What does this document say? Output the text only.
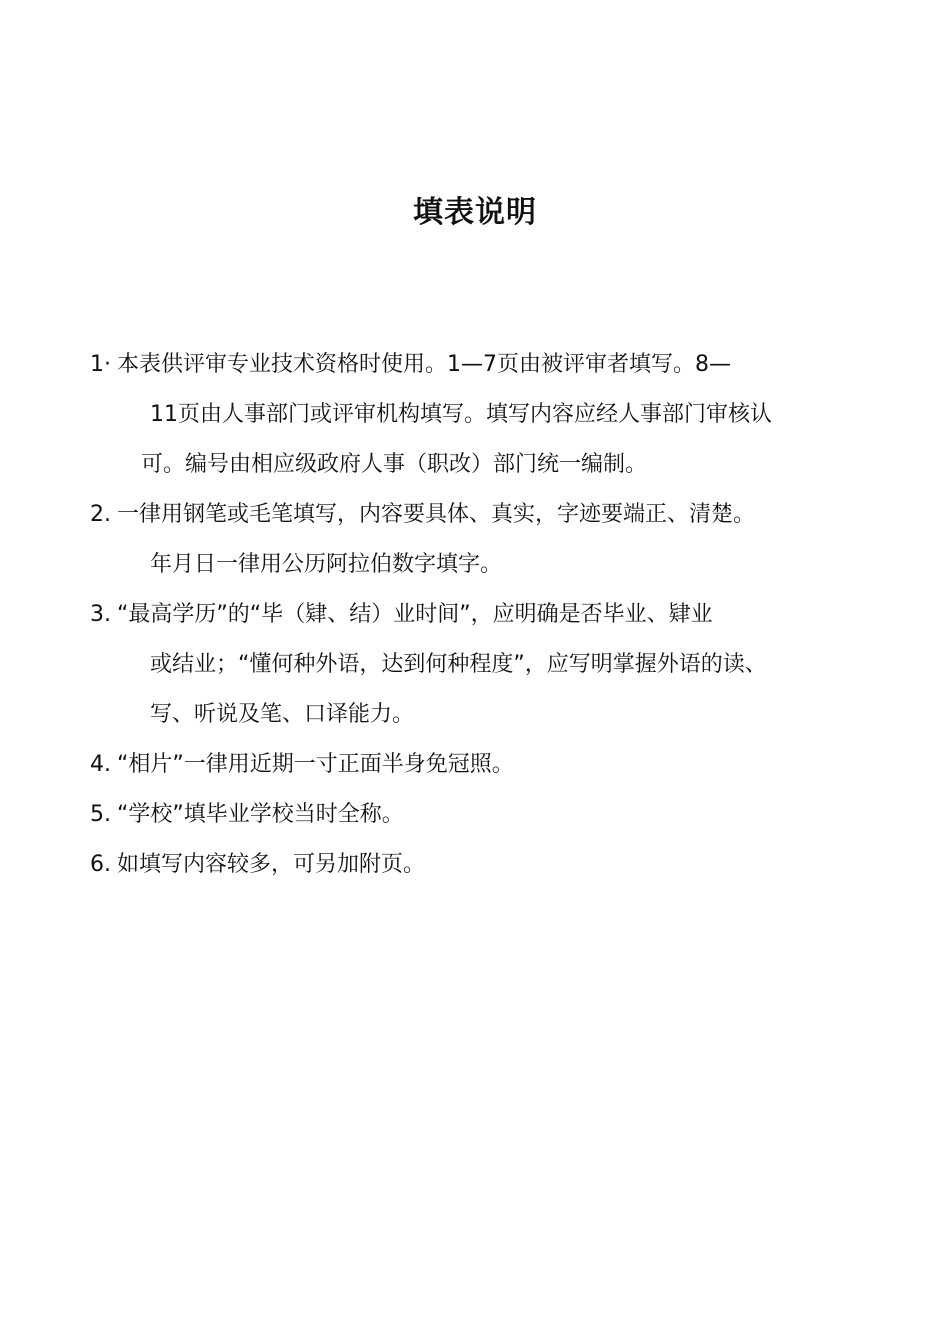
填表说明
1· 本表供评审专业技术资格时使用。1—7页由被评审者填写。8—
11页由人事部门或评审机构填写。填写内容应经人事部门审核认
可。编号由相应级政府人事（职改）部门统一编制。
2. 一律用钢笔或毛笔填写，内容要具体、真实，字迹要端正、清楚。
年月日一律用公历阿拉伯数字填字。
3. “最高学历”的“毕（肄、结）业时间”，应明确是否毕业、肄业
或结业；“懂何种外语，达到何种程度”，应写明掌握外语的读、
写、听说及笔、口译能力。
4. “相片”一律用近期一寸正面半身免冠照。
5. “学校”填毕业学校当时全称。
6. 如填写内容较多，可另加附页。
